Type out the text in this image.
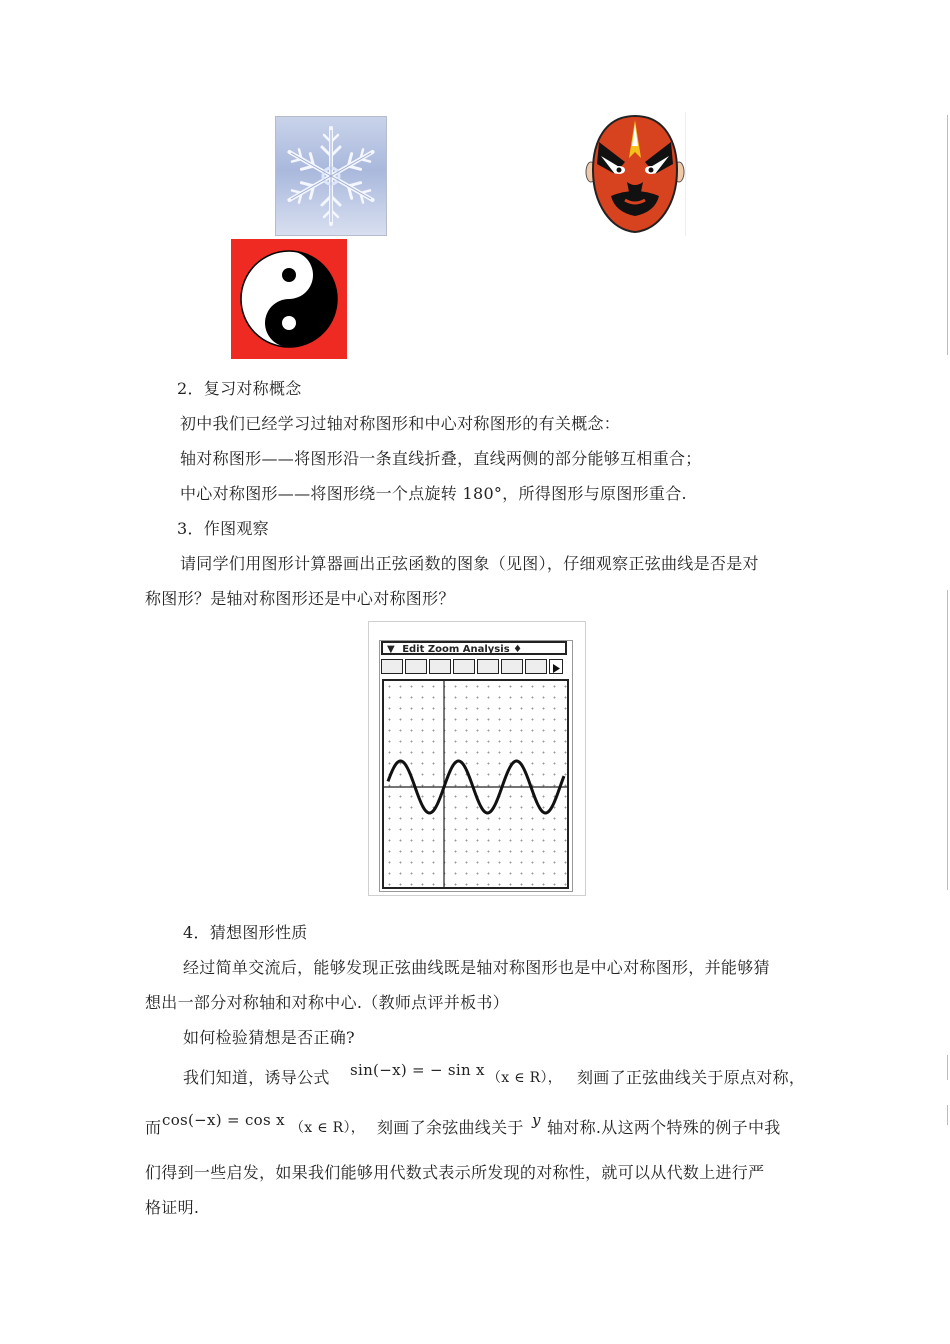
2．复习对称概念
初中我们已经学习过轴对称图形和中心对称图形的有关概念：
轴对称图形——将图形沿一条直线折叠，直线两侧的部分能够互相重合；
中心对称图形——将图形绕一个点旋转 180°，所得图形与原图形重合.
3．作图观察
请同学们用图形计算器画出正弦函数的图象（见图），仔细观察正弦曲线是否是对
称图形？是轴对称图形还是中心对称图形？
▼ Edit Zoom Analysis ♦
4．猜想图形性质
经过简单交流后，能够发现正弦曲线既是轴对称图形也是中心对称图形，并能够猜
想出一部分对称轴和对称中心.（教师点评并板书）
如何检验猜想是否正确?
我们知道，诱导公式 sin(−x) = − sin x （x ∈ R）， 刻画了正弦曲线关于原点对称，
而 cos(−x) = cos x （x ∈ R）， 刻画了余弦曲线关于 y 轴对称.从这两个特殊的例子中我
们得到一些启发，如果我们能够用代数式表示所发现的对称性，就可以从代数上进行严
格证明.
